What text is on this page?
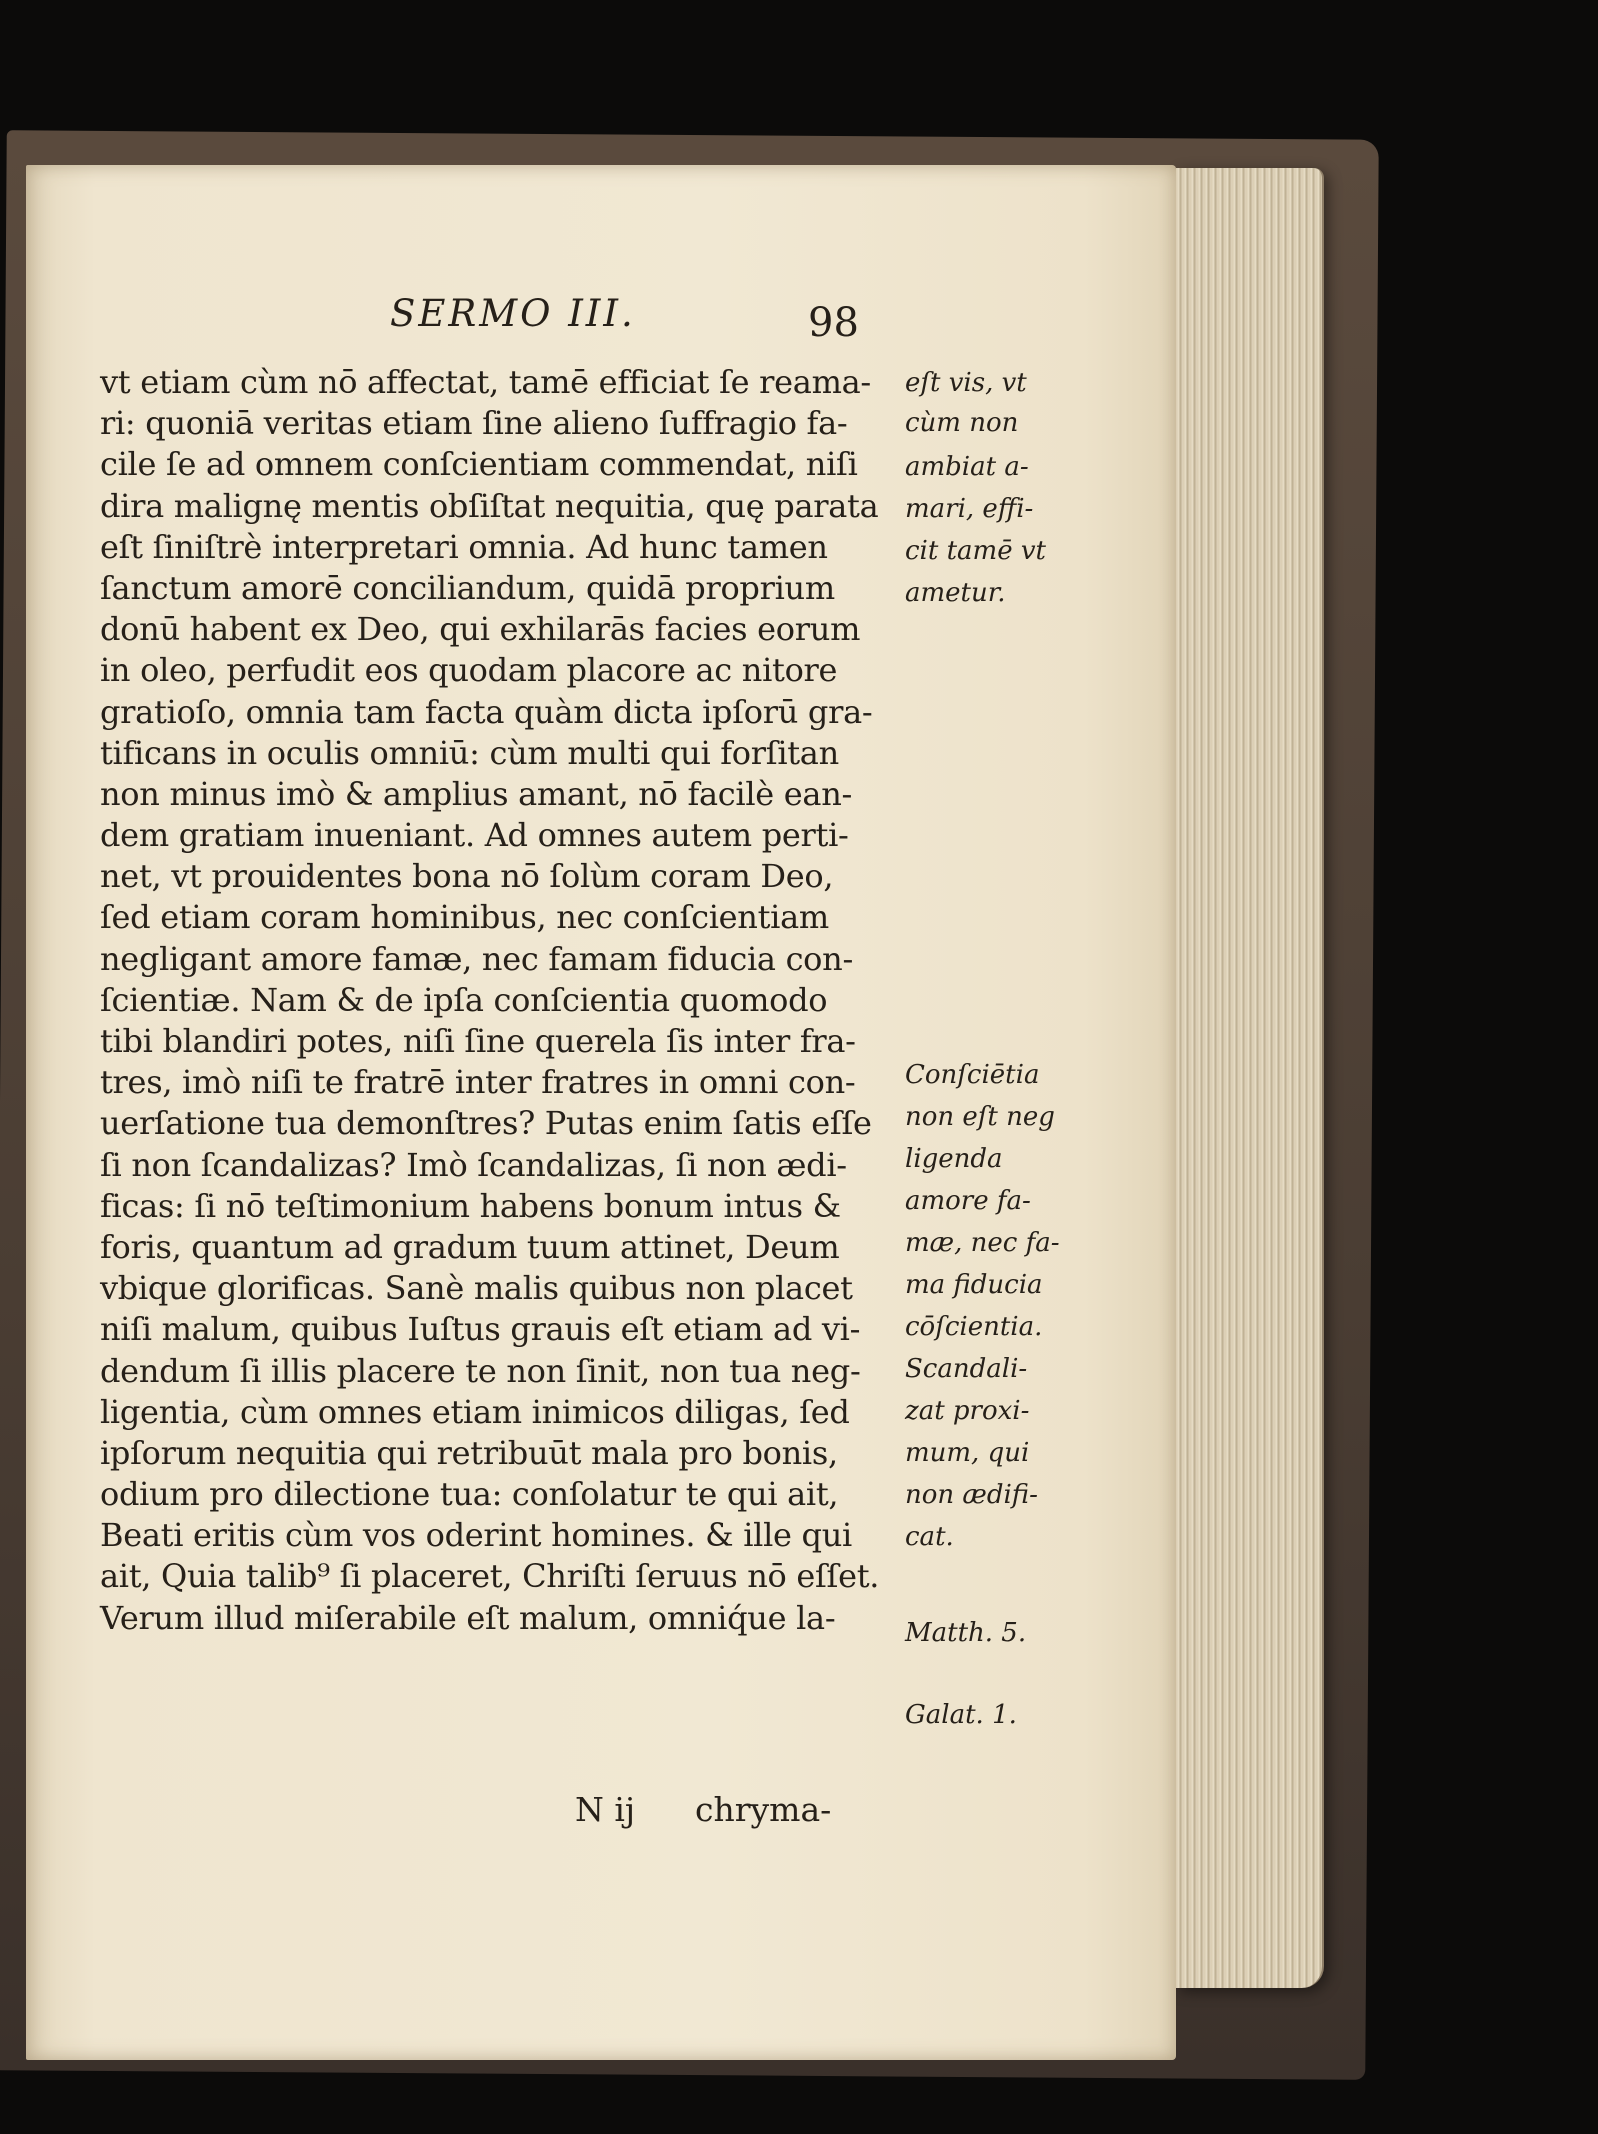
SERMO III.	98
vt etiam cùm nō affectat, tamē efficiat ſe reama-
ri: quoniā veritas etiam ſine alieno ſuffragio fa-
cile ſe ad omnem conſcientiam commendat, niſi
dira malignę mentis obſiſtat nequitia, quę parata
eſt ſiniſtrè interpretari omnia. Ad hunc tamen
ſanctum amorē conciliandum, quidā proprium
donū habent ex Deo, qui exhilarās facies eorum
in oleo, perfudit eos quodam placore ac nitore
gratioſo, omnia tam facta quàm dicta ipſorū gra-
tificans in oculis omniū: cùm multi qui forſitan
non minus imò & amplius amant, nō facilè ean-
dem gratiam inueniant. Ad omnes autem perti-
net, vt prouidentes bona nō ſolùm coram Deo,
ſed etiam coram hominibus, nec conſcientiam
negligant amore famæ, nec famam fiducia con-
ſcientiæ. Nam & de ipſa conſcientia quomodo
tibi blandiri potes, niſi ſine querela ſis inter fra-
tres, imò niſi te fratrē inter fratres in omni con-
uerſatione tua demonſtres? Putas enim ſatis eſſe
ſi non ſcandalizas? Imò ſcandalizas, ſi non ædi-
ficas: ſi nō teſtimonium habens bonum intus &
foris, quantum ad gradum tuum attinet, Deum
vbique glorificas. Sanè malis quibus non placet
niſi malum, quibus Iuſtus grauis eſt etiam ad vi-
dendum ſi illis placere te non ſinit, non tua neg-
ligentia, cùm omnes etiam inimicos diligas, ſed
ipſorum nequitia qui retribuūt mala pro bonis,
odium pro dilectione tua: conſolatur te qui ait,
Beati eritis cùm vos oderint homines. & ille qui
ait, Quia talib⁹ ſi placeret, Chriſti ſeruus nō eſſet.
Verum illud miſerabile eſt malum, omniq́ue la-
eſt vis, vt
cùm non
ambiat a-
mari, effi-
cit tamē vt
ametur.
Conſciētia
non eſt neg
ligenda
amore fa-
mæ, nec fa-
ma fiducia
cōſcientia.
Scandali-
zat proxi-
mum, qui
non ædifi-
cat.
Matth. 5.
Galat. 1.
N ij chryma-
